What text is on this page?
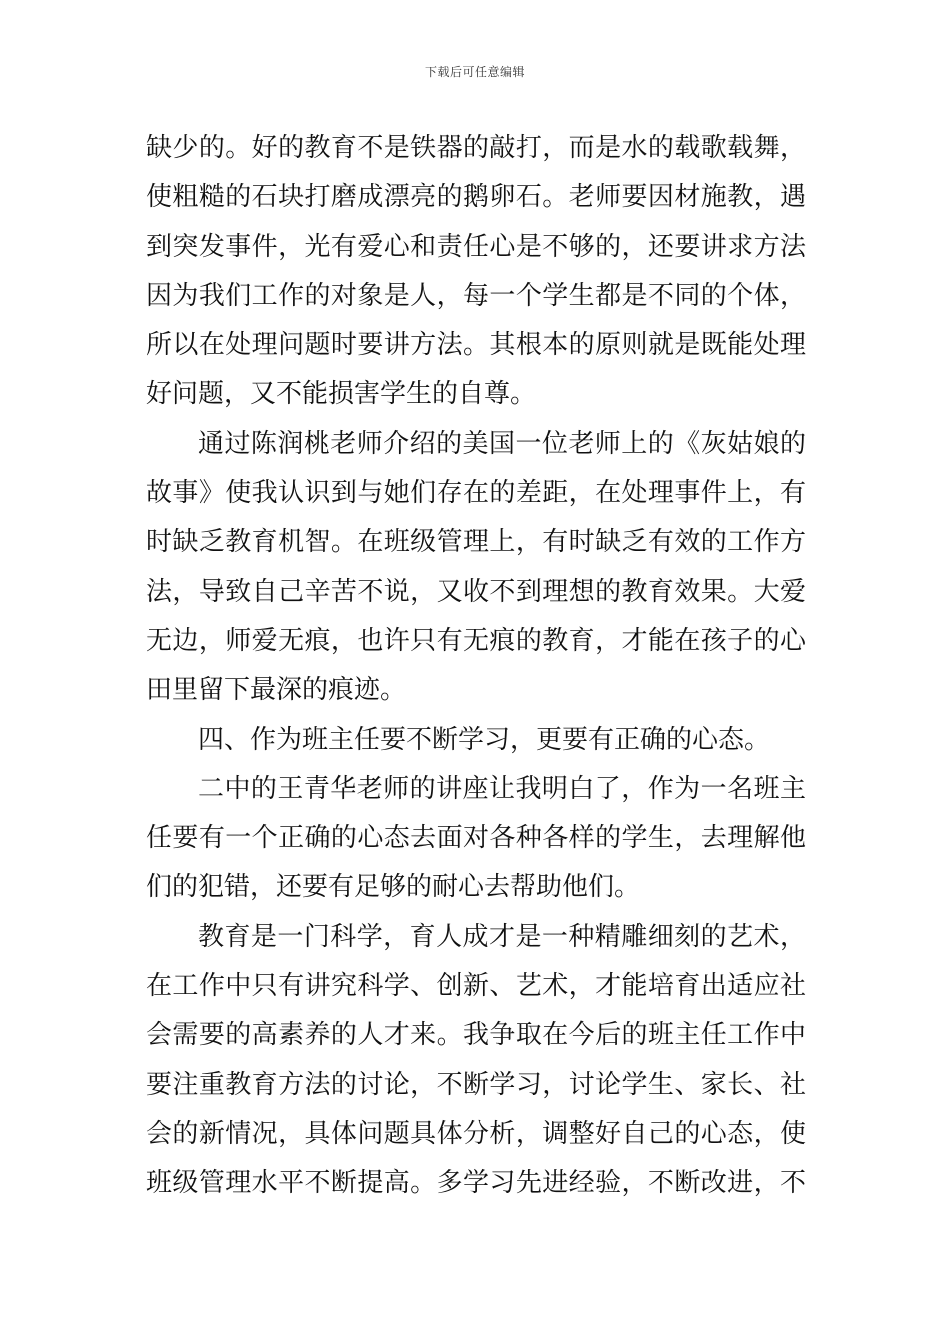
下载后可任意编辑
缺少的。好的教育不是铁器的敲打，而是水的载歌载舞，
使粗糙的石块打磨成漂亮的鹅卵石。老师要因材施教，遇
到突发事件，光有爱心和责任心是不够的，还要讲求方法
因为我们工作的对象是人，每一个学生都是不同的个体，
所以在处理问题时要讲方法。其根本的原则就是既能处理
好问题，又不能损害学生的自尊。
通过陈润桃老师介绍的美国一位老师上的《灰姑娘的
故事》使我认识到与她们存在的差距，在处理事件上，有
时缺乏教育机智。在班级管理上，有时缺乏有效的工作方
法，导致自己辛苦不说，又收不到理想的教育效果。大爱
无边，师爱无痕，也许只有无痕的教育，才能在孩子的心
田里留下最深的痕迹。
四、作为班主任要不断学习，更要有正确的心态。
二中的王青华老师的讲座让我明白了，作为一名班主
任要有一个正确的心态去面对各种各样的学生，去理解他
们的犯错，还要有足够的耐心去帮助他们。
教育是一门科学，育人成才是一种精雕细刻的艺术，
在工作中只有讲究科学、创新、艺术，才能培育出适应社
会需要的高素养的人才来。我争取在今后的班主任工作中
要注重教育方法的讨论，不断学习，讨论学生、家长、社
会的新情况，具体问题具体分析，调整好自己的心态，使
班级管理水平不断提高。多学习先进经验，不断改进，不
